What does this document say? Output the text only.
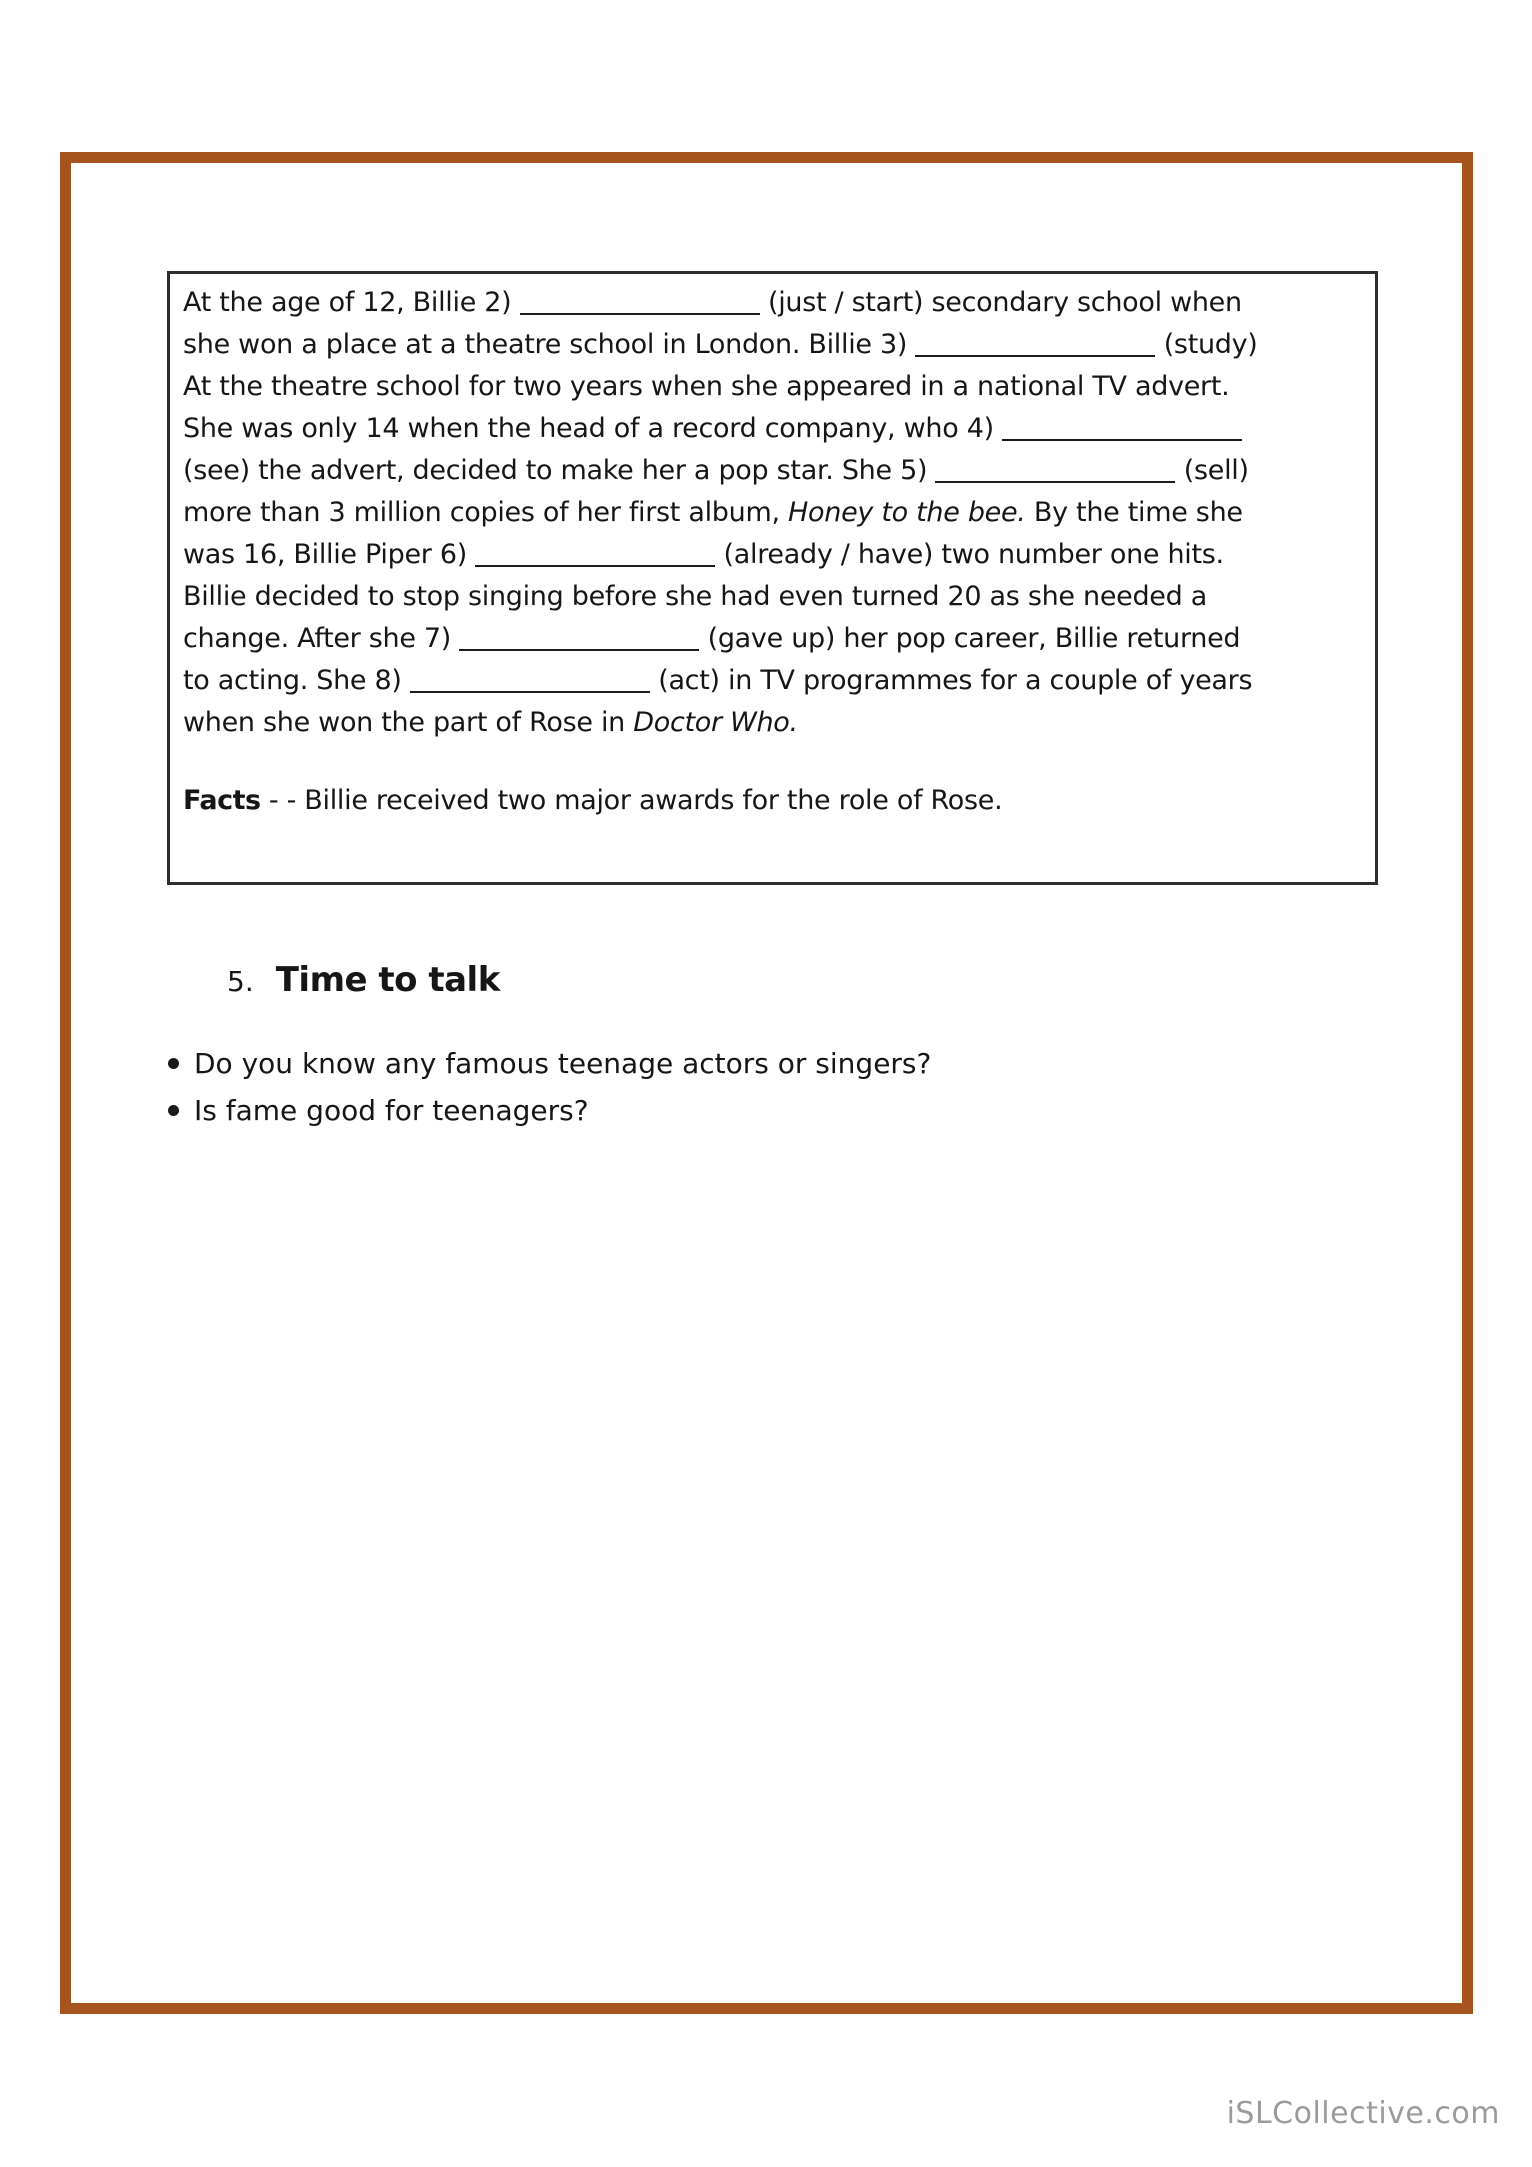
At the age of 12, Billie 2)	(just / start) secondary school when
she won a place at a theatre school in London. Billie 3)	(study)
At the theatre school for two years when she appeared in a national TV advert.
She was only 14 when the head of a record company, who 4)
(see) the advert, decided to make her a pop star. She 5)	(sell)
more than 3 million copies of her first album, Honey to the bee. By the time she
was 16, Billie Piper 6)	(already / have) two number one hits.
Billie decided to stop singing before she had even turned 20 as she needed a
change. After she 7)	(gave up) her pop career, Billie returned
to acting. She 8)	(act) in TV programmes for a couple of years
when she won the part of Rose in Doctor Who.
Facts - - Billie received two major awards for the role of Rose.
5. Time to talk
Do you know any famous teenage actors or singers?
Is fame good for teenagers?
iSLCollective.com
